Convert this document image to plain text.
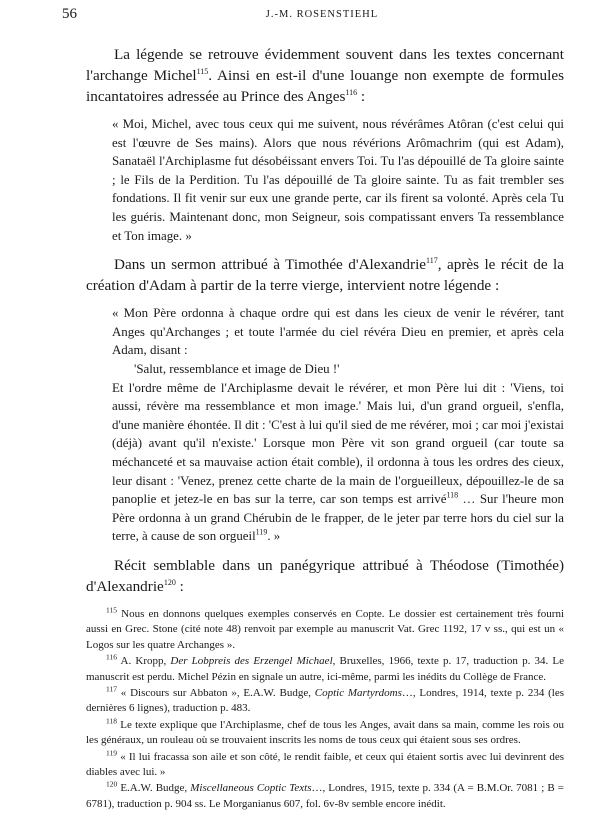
56	J.-M. ROSENSTIEHL

La légende se retrouve évidemment souvent dans les textes concernant l'archange Michel$^{115}$. Ainsi en est-il d'une louange non exempte de formules incantatoires adressée au Prince des Anges$^{116}$ :

« Moi, Michel, avec tous ceux qui me suivent, nous révérâmes Atôran (c'est celui qui est l'œuvre de Ses mains). Alors que nous révérions Arômachrim (qui est Adam), Sanataël l'Archiplasme fut désobéissant envers Toi. Tu l'as dépouillé de Ta gloire sainte ; le Fils de la Perdition. Tu l'as dépouillé de Ta gloire sainte. Tu as fait trembler ses fondations. Il fit venir sur eux une grande perte, car ils firent sa volonté. Après cela Tu les guéris. Maintenant donc, mon Seigneur, sois compatissant envers Ta ressemblance et Ton image. »

Dans un sermon attribué à Timothée d'Alexandrie$^{117}$, après le récit de la création d'Adam à partir de la terre vierge, intervient notre légende :

« Mon Père ordonna à chaque ordre qui est dans les cieux de venir le révérer, tant Anges qu'Archanges ; et toute l'armée du ciel révéra Dieu en premier, et après cela Adam, disant :
'Salut, ressemblance et image de Dieu !'
Et l'ordre même de l'Archiplasme devait le révérer, et mon Père lui dit : 'Viens, toi aussi, révère ma ressemblance et mon image.' Mais lui, d'un grand orgueil, s'enfla, d'une manière éhontée. Il dit : 'C'est à lui qu'il sied de me révérer, moi ; car moi j'existai (déjà) avant qu'il n'existe.' Lorsque mon Père vit son grand orgueil (car toute sa méchanceté et sa mauvaise action était comble), il ordonna à tous les ordres des cieux, leur disant : 'Venez, prenez cette charte de la main de l'orgueilleux, dépouillez-le de sa panoplie et jetez-le en bas sur la terre, car son temps est arrivé$^{118}$ … Sur l'heure mon Père ordonna à un grand Chérubin de le frapper, de le jeter par terre hors du ciel sur la terre, à cause de son orgueil$^{119}$. »

Récit semblable dans un panégyrique attribué à Théodose (Timothée) d'Alexandrie$^{120}$ :

$^{115}$ Nous en donnons quelques exemples conservés en Copte. Le dossier est certainement très fourni aussi en Grec. Stone (cité note 48) renvoit par exemple au manuscrit Vat. Grec 1192, 17 v ss., qui est un « Logos sur les quatre Archanges ».
$^{116}$ A. Kropp, Der Lobpreis des Erzengel Michael, Bruxelles, 1966, texte p. 17, traduction p. 34. Le manuscrit est perdu. Michel Pézin en signale un autre, ici-même, parmi les inédits du Collège de France.
$^{117}$ « Discours sur Abbaton », E.A.W. Budge, Coptic Martyrdoms…, Londres, 1914, texte p. 234 (les dernières 6 lignes), traduction p. 483.
$^{118}$ Le texte explique que l'Archiplasme, chef de tous les Anges, avait dans sa main, comme les rois ou les généraux, un rouleau où se trouvaient inscrits les noms de tous ceux qui étaient sous ses ordres.
$^{119}$ « Il lui fracassa son aile et son côté, le rendit faible, et ceux qui étaient sortis avec lui devinrent des diables avec lui. »
$^{120}$ E.A.W. Budge, Miscellaneous Coptic Texts…, Londres, 1915, texte p. 334 (A = B.M.Or. 7081 ; B = 6781), traduction p. 904 ss. Le Morganianus 607, fol. 6v-8v semble encore inédit.
